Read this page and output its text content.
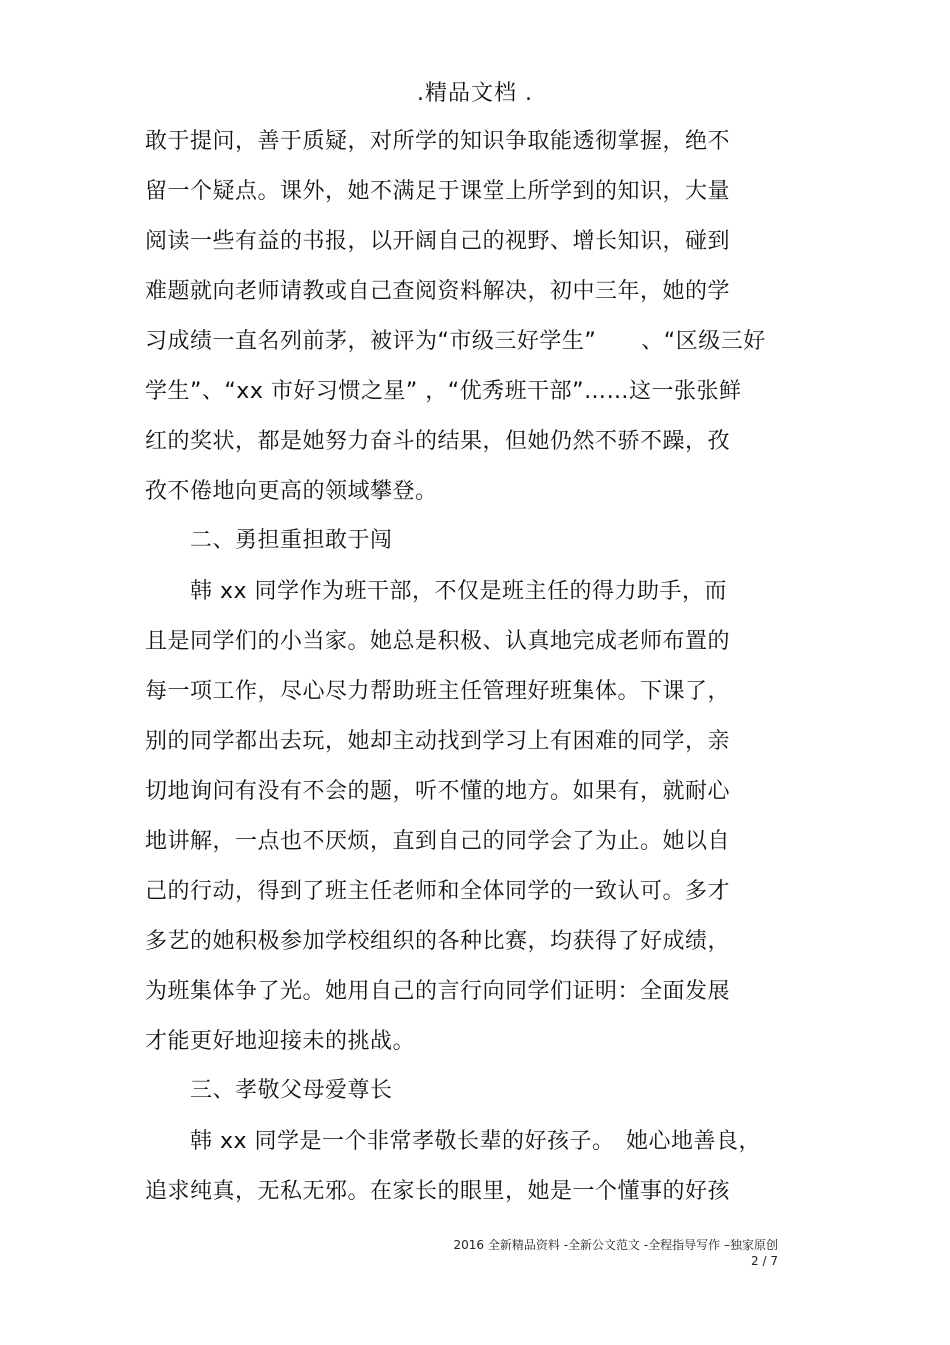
.精品文档 .
敢于提问，善于质疑，对所学的知识争取能透彻掌握，绝不
留一个疑点。课外，她不满足于课堂上所学到的知识，大量
阅读一些有益的书报，以开阔自己的视野、增长知识，碰到
难题就向老师请教或自己查阅资料解决，初中三年，她的学
习成绩一直名列前茅，被评为“市级三好学生”　　、“区级三好
学生”、“xx 市好习惯之星” ，“优秀班干部”……这一张张鲜
红的奖状，都是她努力奋斗的结果，但她仍然不骄不躁，孜
孜不倦地向更高的领域攀登。
　　二、勇担重担敢于闯
　　韩 xx 同学作为班干部，不仅是班主任的得力助手，而
且是同学们的小当家。她总是积极、认真地完成老师布置的
每一项工作，尽心尽力帮助班主任管理好班集体。下课了，
别的同学都出去玩，她却主动找到学习上有困难的同学，亲
切地询问有没有不会的题，听不懂的地方。如果有，就耐心
地讲解，一点也不厌烦，直到自己的同学会了为止。她以自
己的行动，得到了班主任老师和全体同学的一致认可。多才
多艺的她积极参加学校组织的各种比赛，均获得了好成绩，
为班集体争了光。她用自己的言行向同学们证明：全面发展
才能更好地迎接未的挑战。
　　三、孝敬父母爱尊长
　　韩 xx 同学是一个非常孝敬长辈的好孩子。　她心地善良，
追求纯真，无私无邪。在家长的眼里，她是一个懂事的好孩
2016 全新精品资料 -全新公文范文 -全程指导写作 –独家原创
2 / 7
